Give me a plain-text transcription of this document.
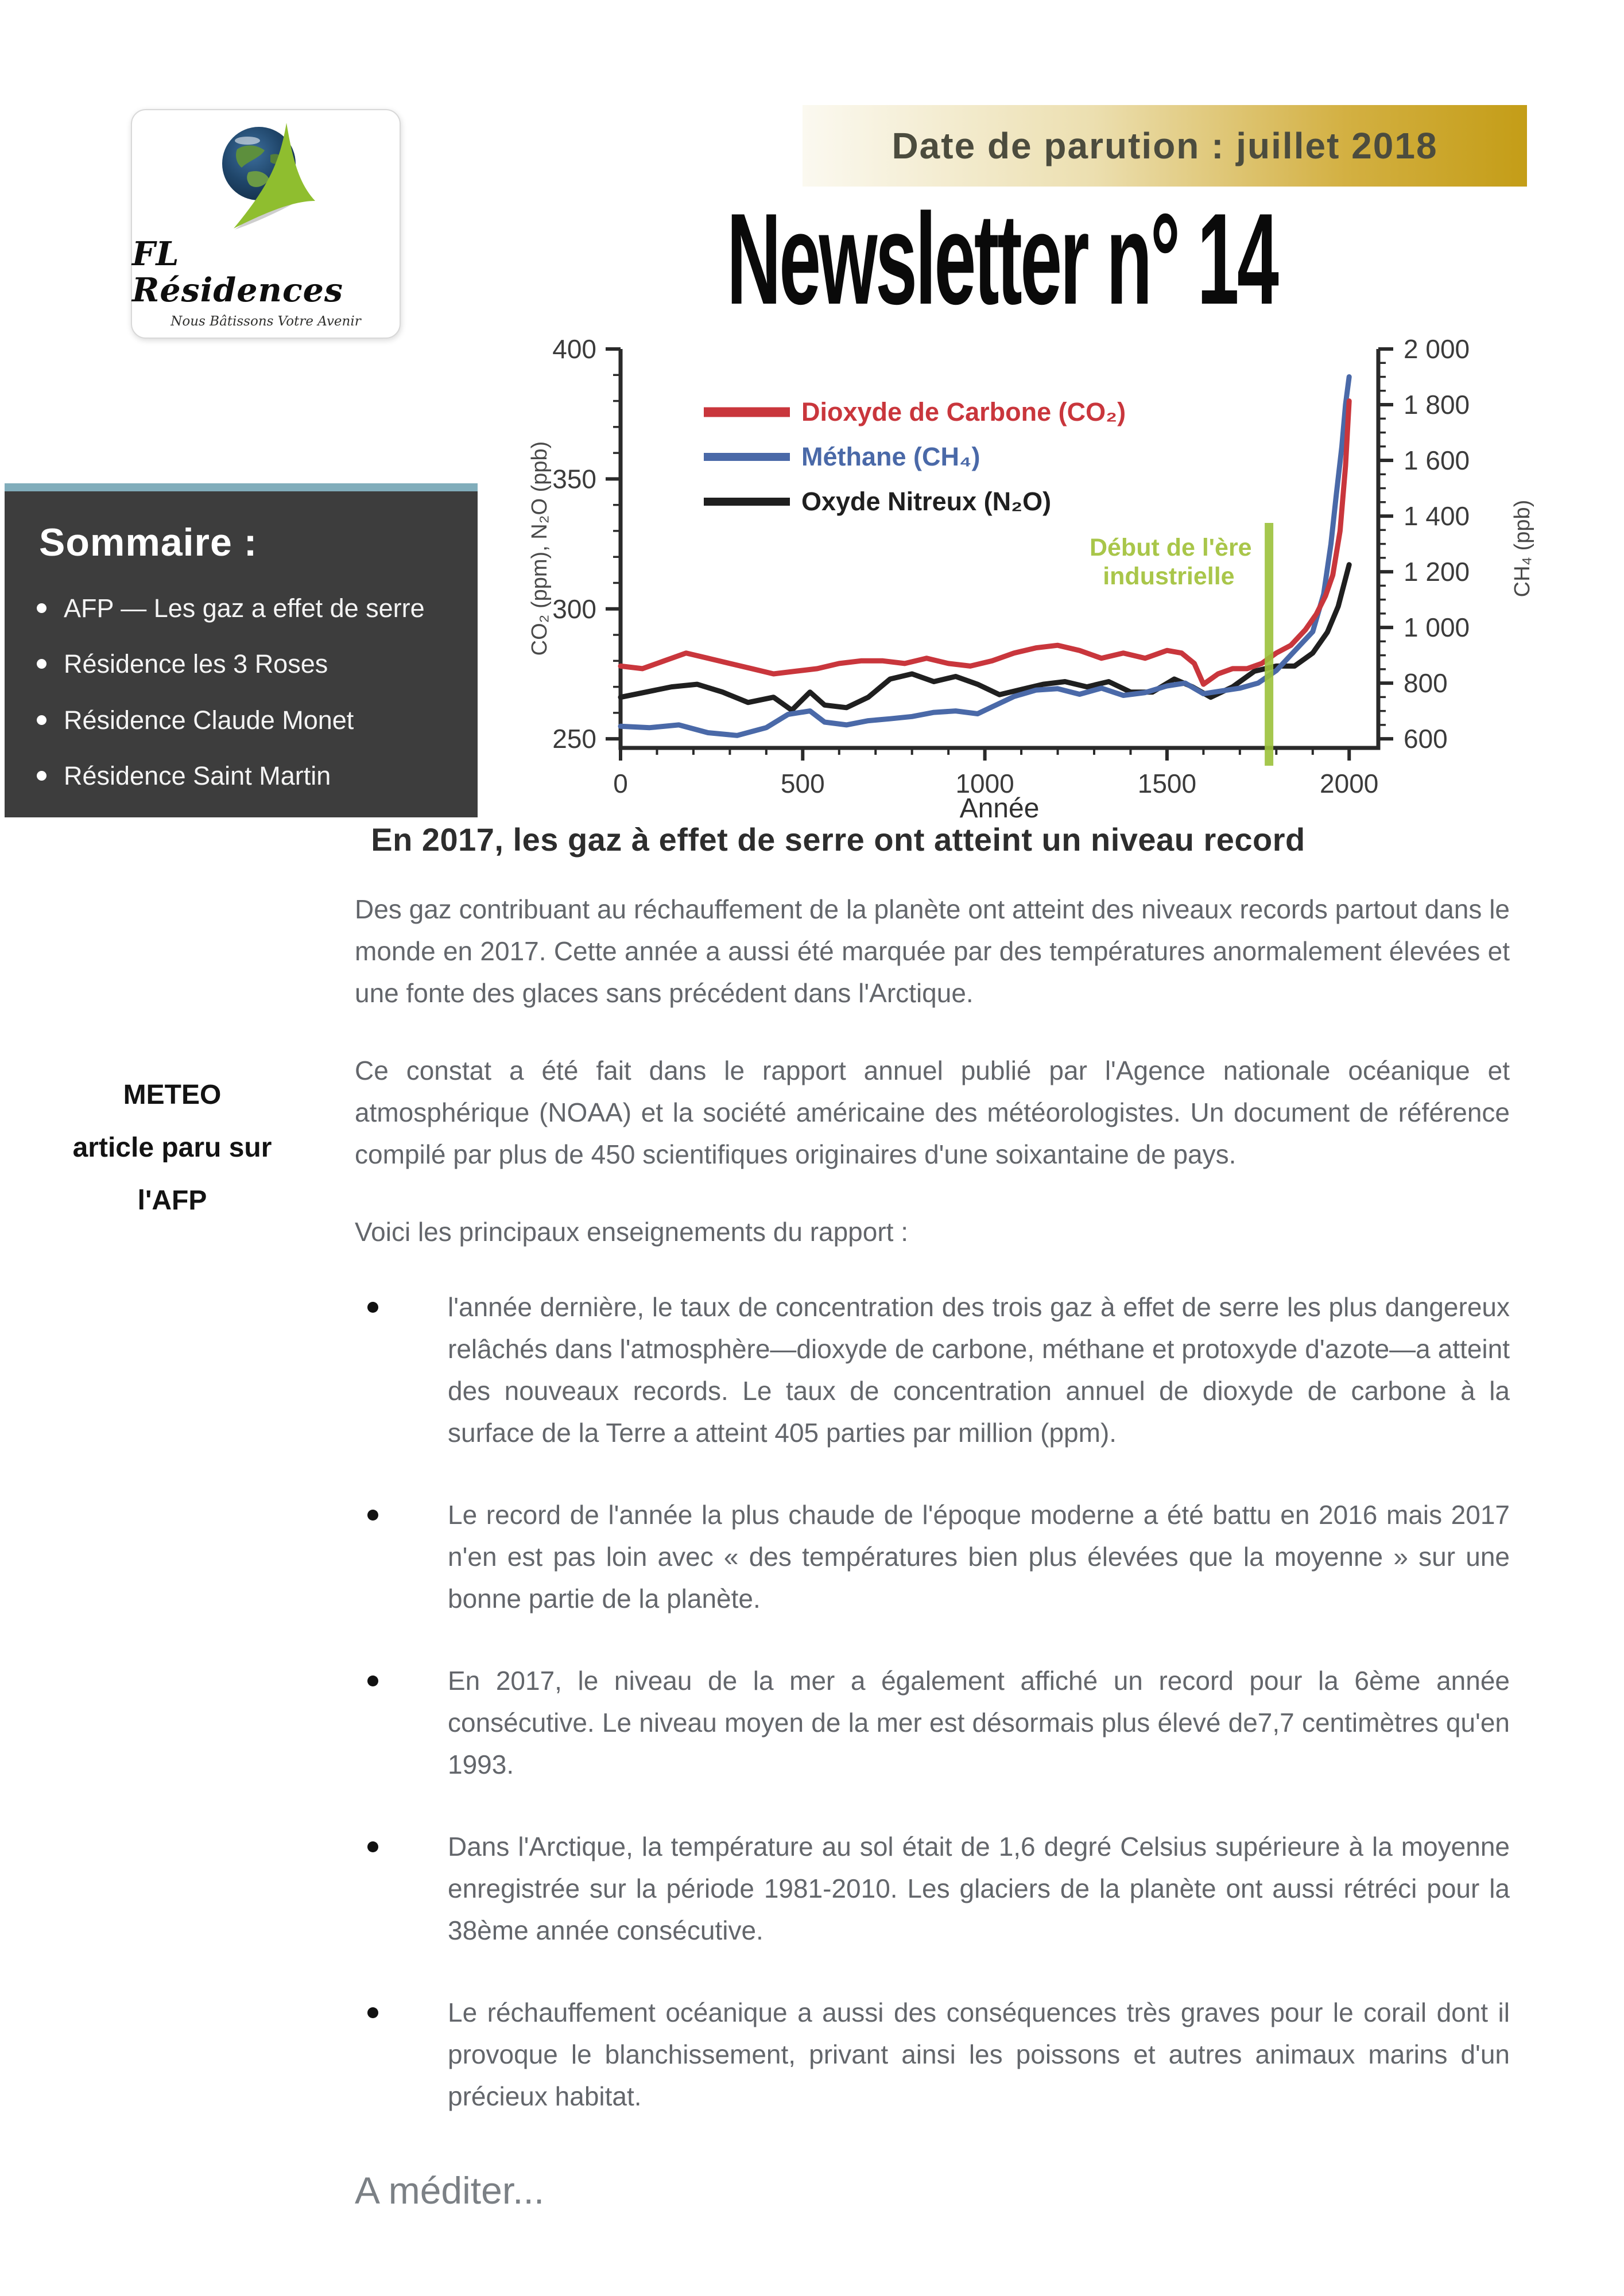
FL Résidences
Nous Bâtissons Votre Avenir
Date de parution : juillet 2018
Newsletter n° 14
0	500	1000	1500	2000
Année
250
300
350
400
CO₂ (ppm), N₂O (ppb)
600
800
1 000
1 200
1 400
1 600
1 800
2 000
CH₄ (ppb)
Dioxyde de Carbone (CO₂)
Méthane (CH₄)
Oxyde Nitreux (N₂O)
Début de l'ère
industrielle
Sommaire :
AFP — Les gaz a effet de serre
Résidence les 3 Roses
Résidence Claude Monet
Résidence Saint Martin
En 2017, les gaz à effet de serre ont atteint un niveau record
METEO
article paru sur
l'AFP

Des gaz contribuant au réchauffement de la planète ont atteint des niveaux records partout dans le monde en 2017. Cette année a aussi été marquée par des températures anormalement élevées et une fonte des glaces sans précédent dans l'Arctique.

Ce constat a été fait dans le rapport annuel publié par l'Agence nationale océanique et atmosphérique (NOAA) et la société américaine des météorologistes. Un document de référence compilé par plus de 450 scientifiques originaires d'une soixantaine de pays.

Voici les principaux enseignements du rapport :

l'année dernière, le taux de concentration des trois gaz à effet de serre les plus dangereux relâchés dans l'atmosphère—dioxyde de carbone, méthane et protoxyde d'azote—a atteint des nouveaux records. Le taux de concentration annuel de dioxyde de carbone à la surface de la Terre a atteint 405 parties par million (ppm).
Le record de l'année la plus chaude de l'époque moderne a été battu en 2016 mais 2017 n'en est pas loin avec « des températures bien plus élevées que la moyenne » sur une bonne partie de la planète.
En 2017, le niveau de la mer a également affiché un record pour la 6ème année consécutive. Le niveau moyen de la mer est désormais plus élevé de7,7 centimètres qu'en 1993.
Dans l'Arctique, la température au sol était de 1,6 degré Celsius supérieure à la moyenne enregistrée sur la période 1981-2010. Les glaciers de la planète ont aussi rétréci pour la 38ème année consécutive.
Le réchauffement océanique a aussi des conséquences très graves pour le corail dont il provoque le blanchissement, privant ainsi les poissons et autres animaux marins d'un précieux habitat.
A méditer...
